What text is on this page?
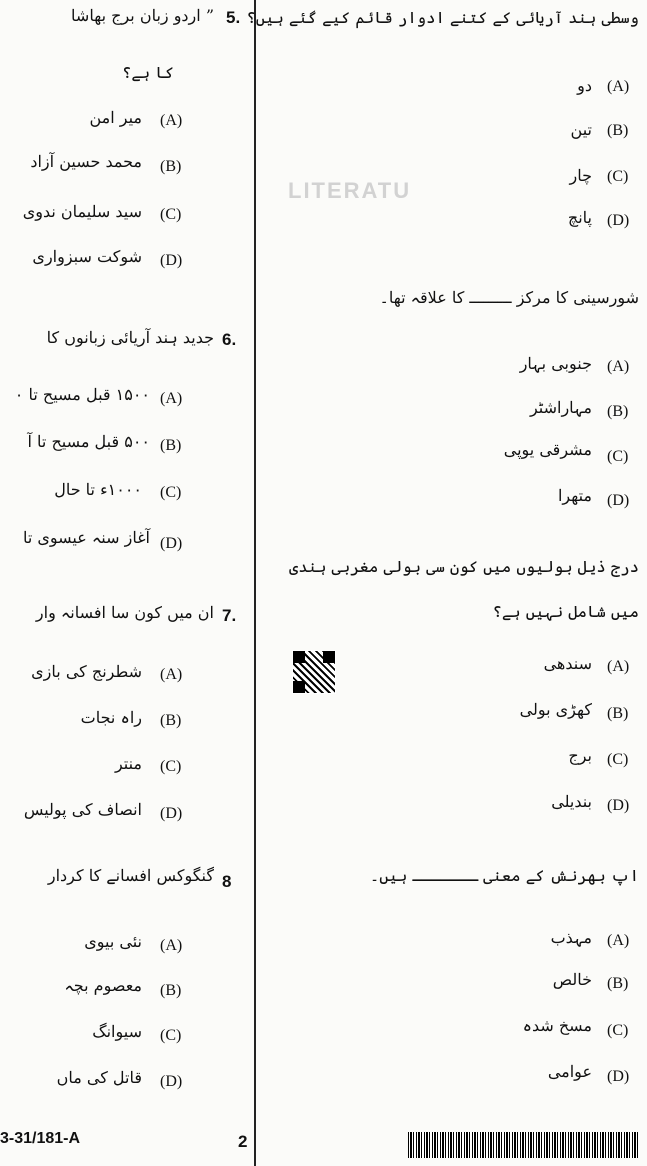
LITERATU
وسطی ہند آریائی کے کتنے ادوار قائم کیے گئے ہیں؟
(A)
دو
(B)
تین
(C)
چار
(D)
پانچ
شورسینی کا مرکز ـــــــــ کا علاقہ تھا۔
(A)
جنوبی بہار
(B)
مہاراشٹر
(C)
مشرقی یوپی
(D)
متھرا
درج ذیل بولیوں میں کون سی بولی مغربی ہندی
میں شامل نہیں ہے؟
(A)
سندھی
(B)
کھڑی بولی
(C)
برج
(D)
بندیلی
اپ بھرنش کے معنی ـــــــ ہیں۔
(A)
مہذب
(B)
خالص
(C)
مسخ شدہ
(D)
عوامی
” اردو زبان برج بھاشا 5.
کا ہے؟
(A)
میر امن
(B)
محمد حسین آزاد
(C)
سید سلیمان ندوی
(D)
شوکت سبزواری
جدید ہند آریائی زبانوں کا 6.
(A)
۱۵۰۰ قبل مسیح تا ۰
(B)
۵۰۰ قبل مسیح تا آ
(C)
۱۰۰۰ء تا حال
(D)
آغاز سنہ عیسوی تا
ان میں کون سا افسانہ وار 7.
(A)
شطرنج کی بازی
(B)
راہ نجات
(C)
منتر
(D)
انصاف کی پولیس
گنگوکس افسانے کا کردار 8
(A)
نئی بیوی
(B)
معصوم بچہ
(C)
سیوانگ
(D)
قاتل کی ماں
3-31/181-A	2
